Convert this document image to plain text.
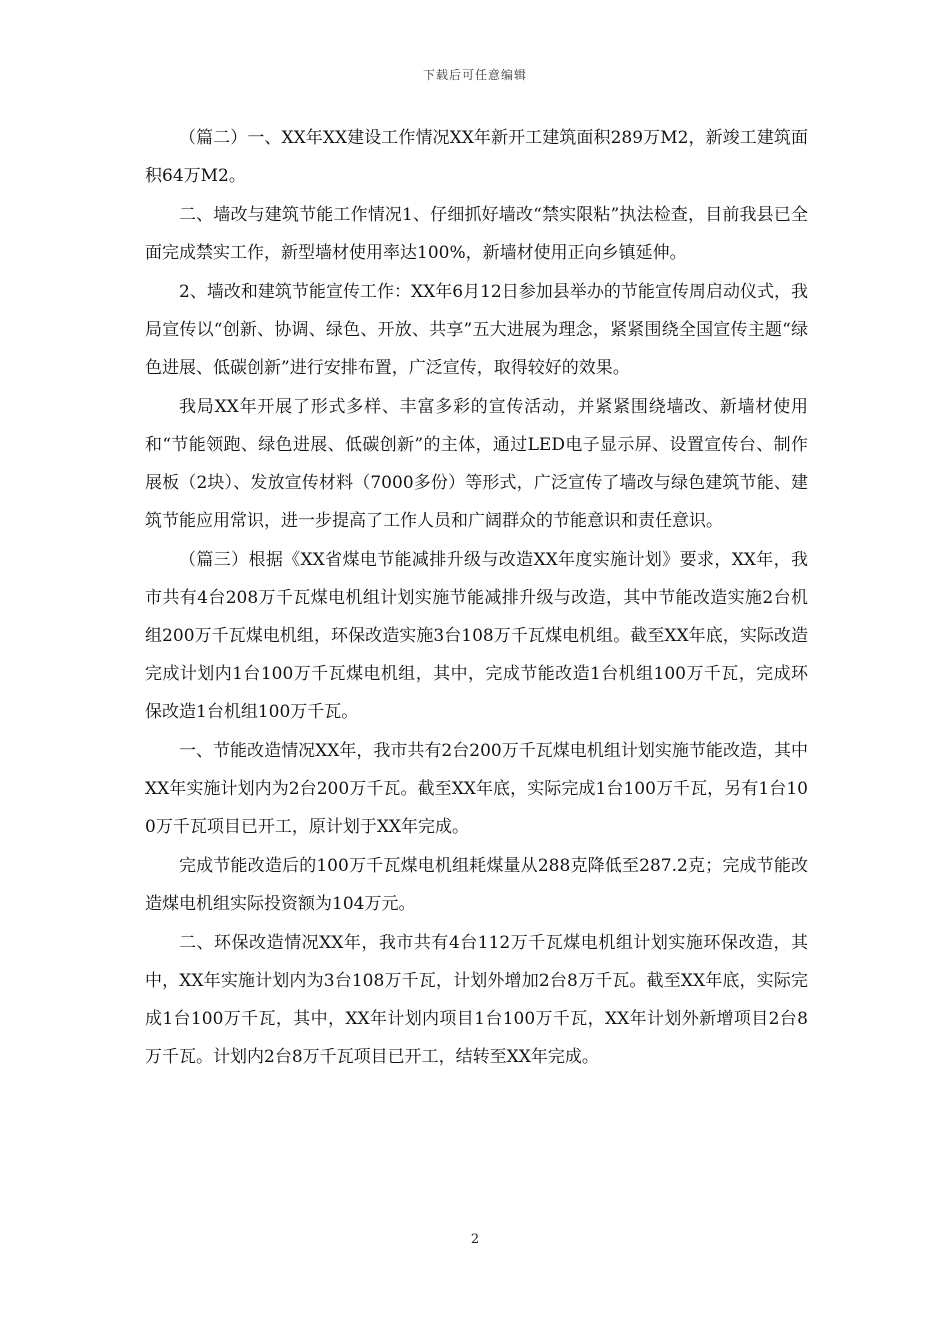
下载后可任意编辑

（篇二）一、XX年XX建设工作情况XX年新开工建筑面积289万M2，新竣工建筑面积64万M2。

二、墙改与建筑节能工作情况1、仔细抓好墙改“禁实限粘”执法检查，目前我县已全面完成禁实工作，新型墙材使用率达100%，新墙材使用正向乡镇延伸。

2、墙改和建筑节能宣传工作：XX年6月12日参加县举办的节能宣传周启动仪式，我局宣传以“创新、协调、绿色、开放、共享”五大进展为理念，紧紧围绕全国宣传主题“绿色进展、低碳创新”进行安排布置，广泛宣传，取得较好的效果。

我局XX年开展了形式多样、丰富多彩的宣传活动，并紧紧围绕墙改、新墙材使用和“节能领跑、绿色进展、低碳创新”的主体，通过LED电子显示屏、设置宣传台、制作展板（2块）、发放宣传材料（7000多份）等形式，广泛宣传了墙改与绿色建筑节能、建筑节能应用常识，进一步提高了工作人员和广阔群众的节能意识和责任意识。

（篇三）根据《XX省煤电节能减排升级与改造XX年度实施计划》要求，XX年，我市共有4台208万千瓦煤电机组计划实施节能减排升级与改造，其中节能改造实施2台机组200万千瓦煤电机组，环保改造实施3台108万千瓦煤电机组。截至XX年底，实际改造完成计划内1台100万千瓦煤电机组，其中，完成节能改造1台机组100万千瓦，完成环保改造1台机组100万千瓦。

一、节能改造情况XX年，我市共有2台200万千瓦煤电机组计划实施节能改造，其中XX年实施计划内为2台200万千瓦。截至XX年底，实际完成1台100万千瓦，另有1台100万千瓦项目已开工，原计划于XX年完成。

完成节能改造后的100万千瓦煤电机组耗煤量从288克降低至287.2克；完成节能改造煤电机组实际投资额为104万元。

二、环保改造情况XX年，我市共有4台112万千瓦煤电机组计划实施环保改造，其中，XX年实施计划内为3台108万千瓦，计划外增加2台8万千瓦。截至XX年底，实际完成1台100万千瓦，其中，XX年计划内项目1台100万千瓦，XX年计划外新增项目2台8万千瓦。计划内2台8万千瓦项目已开工，结转至XX年完成。

2
